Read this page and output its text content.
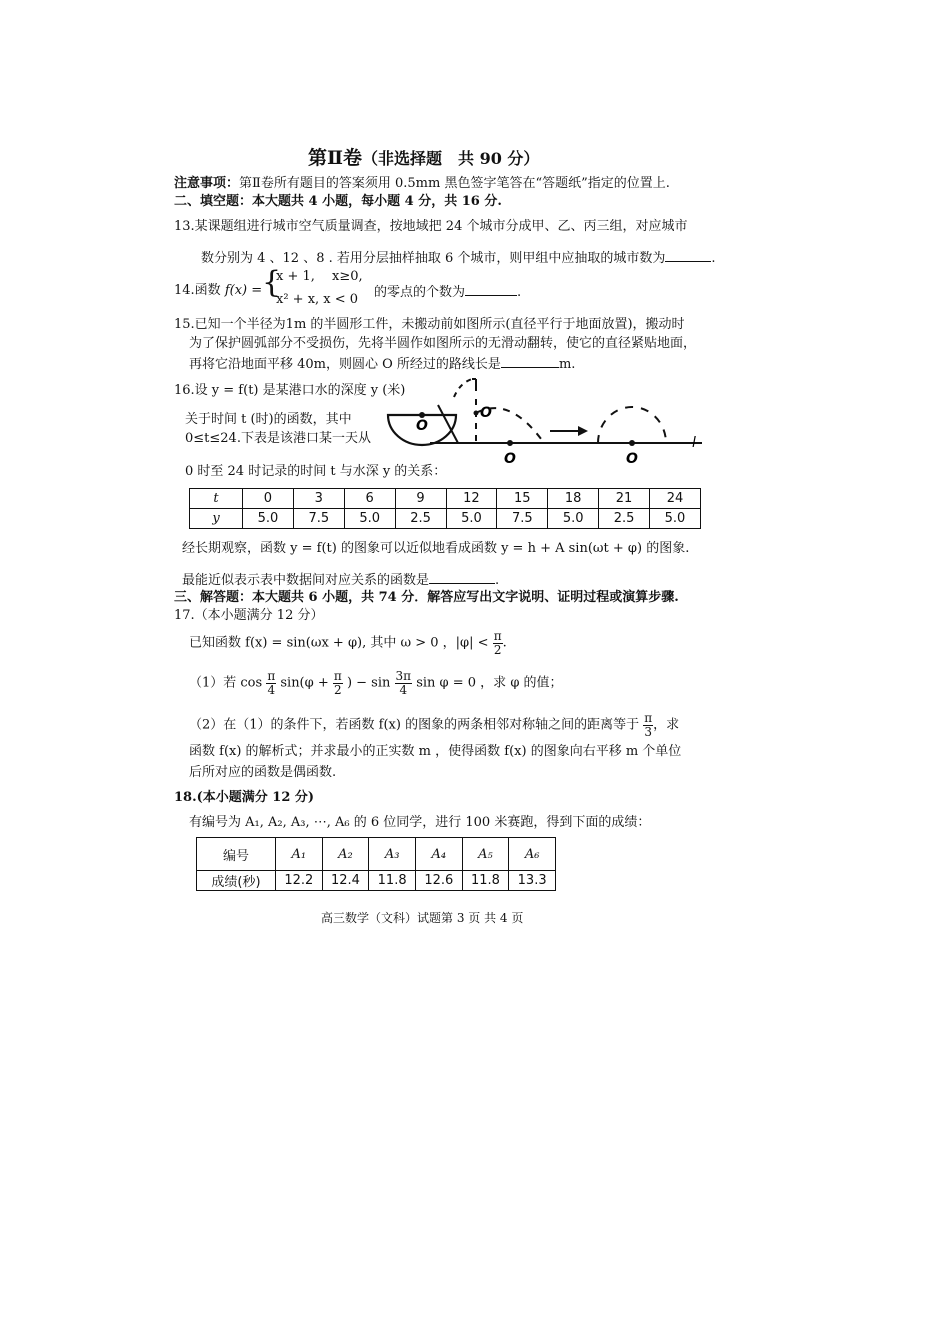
第Ⅱ卷（非选择题　共 90 分）
注意事项：第Ⅱ卷所有题目的答案须用 0.5mm 黑色签字笔答在“答题纸”指定的位置上.
二、填空题：本大题共 4 小题，每小题 4 分，共 16 分.
13.某课题组进行城市空气质量调查，按地域把 24 个城市分成甲、乙、丙三组，对应城市
数分别为 4 、12 、8 . 若用分层抽样抽取 6 个城市，则甲组中应抽取的城市数为	.
14.函数 f(x) = {
x + 1,　 x≥0,
x² + x, x < 0 的零点的个数为	.
15.已知一个半径为1m 的半圆形工件，未搬动前如图所示(直径平行于地面放置)，搬动时
为了保护圆弧部分不受损伤，先将半圆作如图所示的无滑动翻转，使它的直径紧贴地面，
再将它沿地面平移 40m，则圆心 O 所经过的路线长是	m.
16.设 y = f(t) 是某港口水的深度 y (米)
关于时间 t (时)的函数，其中
0≤t≤24.下表是该港口某一天从
0 时至 24 时记录的时间 t 与水深 y 的关系：
O
O
O	O
l
t	0	3	6	9	12	15	18	21	24
y	5.0	7.5	5.0	2.5	5.0	7.5	5.0	2.5	5.0
经长期观察，函数 y = f(t) 的图象可以近似地看成函数 y = h + A sin(ωt + φ) 的图象.
最能近似表示表中数据间对应关系的函数是	.
三、解答题：本大题共 6 小题，共 74 分．解答应写出文字说明、证明过程或演算步骤.
17.（本小题满分 12 分）
已知函数 f(x) = sin(ωx + φ), 其中 ω > 0 ，$|\varphi| < \frac{\pi}{2}$ .
（1）若 $\cos \frac{\pi}{4} \sin(\varphi + \frac{\pi}{2}$ ) − $\sin \frac{3\pi}{4}$ sin φ = 0 ，求 φ 的值；
（2）在（1）的条件下，若函数 f(x) 的图象的两条相邻对称轴之间的距离等于 $\frac{\pi}{3}$ ，求
函数 f(x) 的解析式；并求最小的正实数 m ，使得函数 f(x) 的图象向右平移 m 个单位
后所对应的函数是偶函数.
18.(本小题满分 12 分)
有编号为 A₁, A₂, A₃, ⋯, A₆ 的 6 位同学，进行 100 米赛跑，得到下面的成绩：
编号	A₁	A₂	A₃	A₄	A₅	A₆
成绩(秒)	12.2	12.4	11.8	12.6	11.8	13.3
高三数学（文科）试题第 3 页 共 4 页
